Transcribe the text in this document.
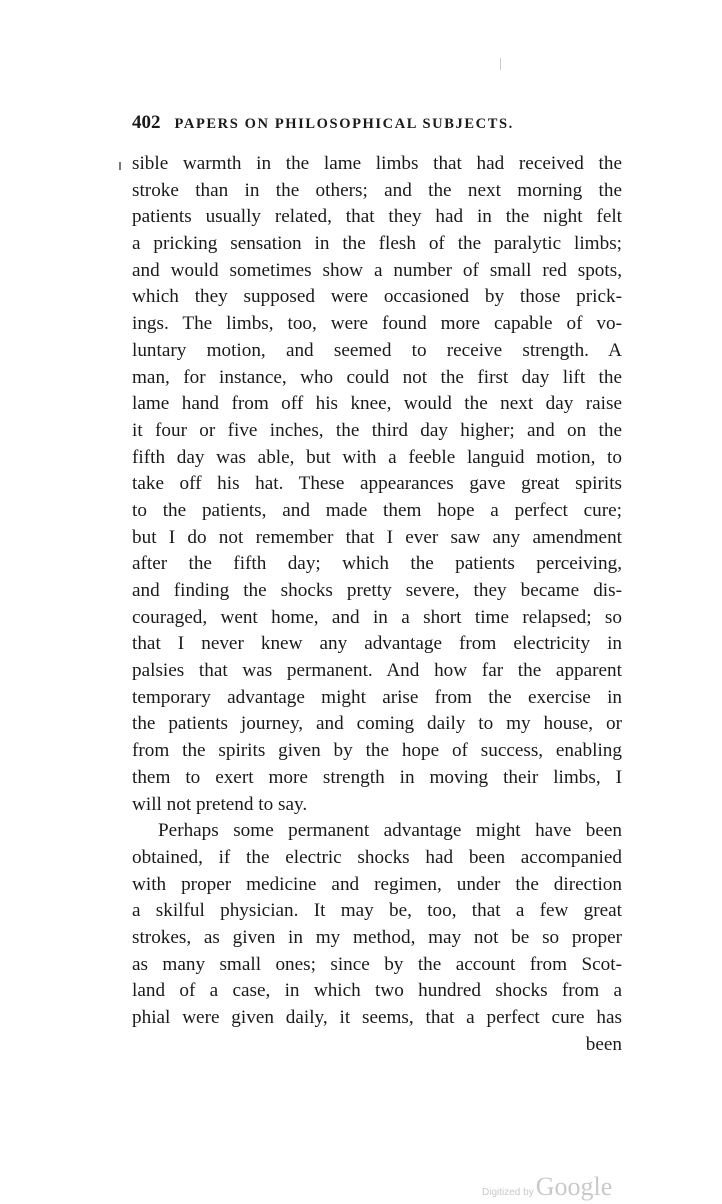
402 PAPERS ON PHILOSOPHICAL SUBJECTS.
sible warmth in the lame limbs that had received the
stroke than in the others; and the next morning the
patients usually related, that they had in the night felt
a pricking sensation in the flesh of the paralytic limbs;
and would sometimes show a number of small red spots,
which they supposed were occasioned by those prick-
ings. The limbs, too, were found more capable of vo-
luntary motion, and seemed to receive strength. A
man, for instance, who could not the first day lift the
lame hand from off his knee, would the next day raise
it four or five inches, the third day higher; and on the
fifth day was able, but with a feeble languid motion, to
take off his hat. These appearances gave great spirits
to the patients, and made them hope a perfect cure;
but I do not remember that I ever saw any amendment
after the fifth day; which the patients perceiving,
and finding the shocks pretty severe, they became dis-
couraged, went home, and in a short time relapsed; so
that I never knew any advantage from electricity in
palsies that was permanent. And how far the apparent
temporary advantage might arise from the exercise in
the patients journey, and coming daily to my house, or
from the spirits given by the hope of success, enabling
them to exert more strength in moving their limbs, I
will not pretend to say.
Perhaps some permanent advantage might have been
obtained, if the electric shocks had been accompanied
with proper medicine and regimen, under the direction
a skilful physician. It may be, too, that a few great
strokes, as given in my method, may not be so proper
as many small ones; since by the account from Scot-
land of a case, in which two hundred shocks from a
phial were given daily, it seems, that a perfect cure has
been
Digitized byGoogle
